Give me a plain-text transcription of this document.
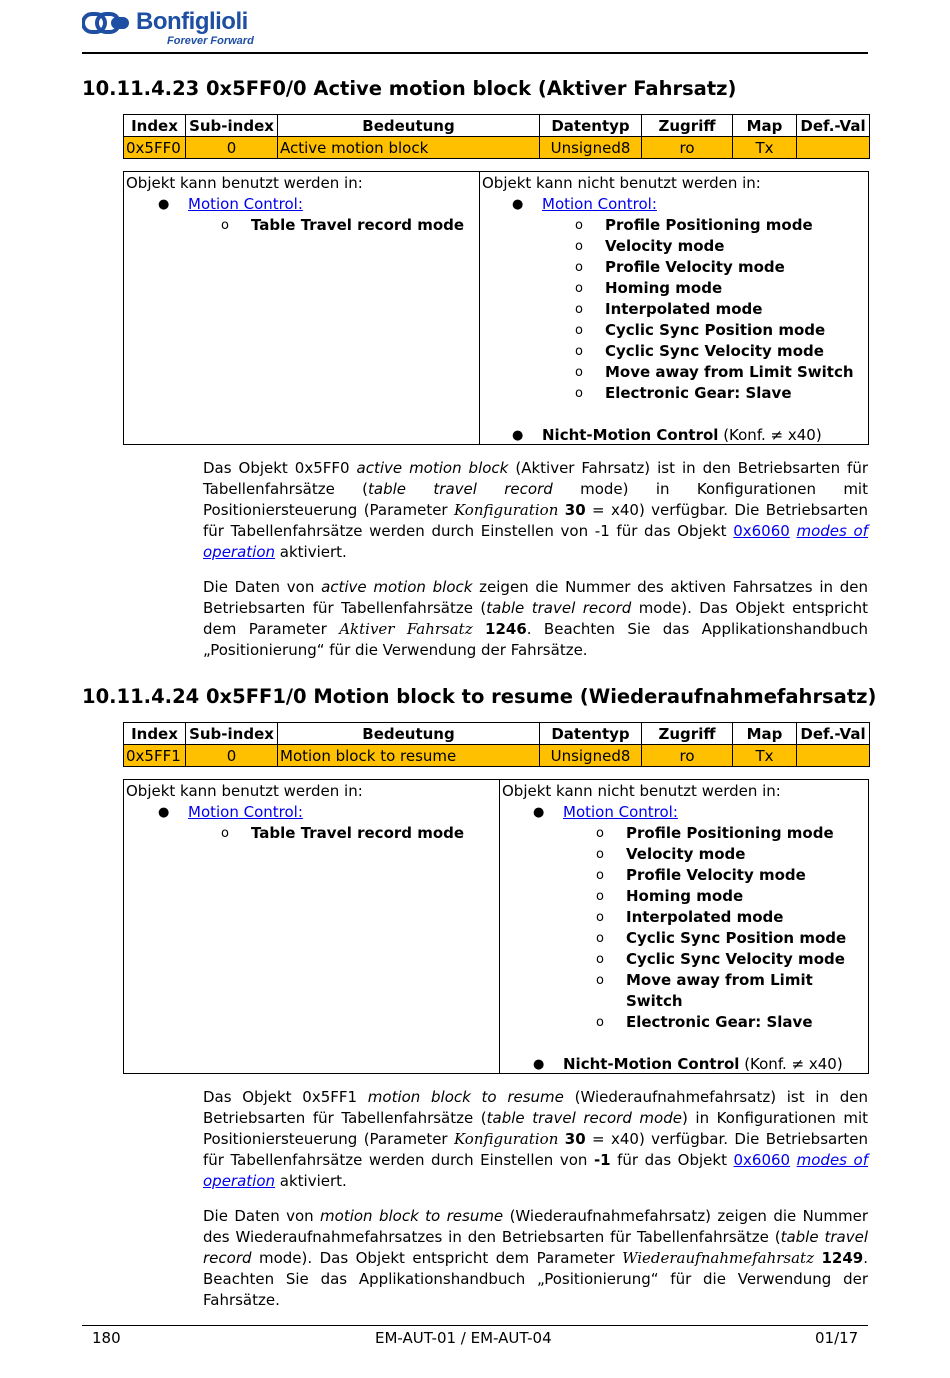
Bonfiglioli
Forever Forward
10.11.4.23 0x5FF0/0 Active motion block (Aktiver Fahrsatz)
Index	Sub-index	Bedeutung	Datentyp	Zugriff	Map	Def.-Val
0x5FF0	0	Active motion block	Unsigned8	ro	Tx	
Objekt kann benutzt werden in:
● Motion Control:
o Table Travel record mode
Objekt kann nicht benutzt werden in:
● Motion Control:
o Profile Positioning mode
o Velocity mode
o Profile Velocity mode
o Homing mode
o Interpolated mode
o Cyclic Sync Position mode
o Cyclic Sync Velocity mode
o Move away from Limit Switch
o Electronic Gear: Slave
● Nicht-Motion Control (Konf. ≠ x40)

Das Objekt 0x5FF0 active motion block (Aktiver Fahrsatz) ist in den Betriebsarten für Tabellenfahrsätze (table travel record mode) in Konfigurationen mit Positioniersteuerung (Parameter Konfiguration 30 = x40) verfügbar. Die Betriebsarten für Tabellenfahrsätze werden durch Einstellen von -1 für das Objekt 0x6060 modes of operation aktiviert.

Die Daten von active motion block zeigen die Nummer des aktiven Fahrsatzes in den Betriebsarten für Tabellenfahrsätze (table travel record mode). Das Objekt entspricht dem Parameter Aktiver Fahrsatz 1246. Beachten Sie das Applikationshandbuch „Positionierung“ für die Verwendung der Fahrsätze.

10.11.4.24 0x5FF1/0 Motion block to resume (Wiederaufnahmefahrsatz)
Index	Sub-index	Bedeutung	Datentyp	Zugriff	Map	Def.-Val
0x5FF1	0	Motion block to resume	Unsigned8	ro	Tx	
Objekt kann benutzt werden in:
● Motion Control:
o Table Travel record mode
Objekt kann nicht benutzt werden in:
● Motion Control:
o Profile Positioning mode
o Velocity mode
o Profile Velocity mode
o Homing mode
o Interpolated mode
o Cyclic Sync Position mode
o Cyclic Sync Velocity mode
o Move away from Limit
Switch
o Electronic Gear: Slave
● Nicht-Motion Control (Konf. ≠ x40)

Das Objekt 0x5FF1 motion block to resume (Wiederaufnahmefahrsatz) ist in den Betriebsarten für Tabellenfahrsätze (table travel record mode) in Konfigurationen mit Positioniersteuerung (Parameter Konfiguration 30 = x40) verfügbar. Die Betriebsarten für Tabellenfahrsätze werden durch Einstellen von -1 für das Objekt 0x6060 modes of operation aktiviert.

Die Daten von motion block to resume (Wiederaufnahmefahrsatz) zeigen die Nummer des Wiederaufnahmefahrsatzes in den Betriebsarten für Tabellenfahrsätze (table travel record mode). Das Objekt entspricht dem Parameter Wiederaufnahmefahrsatz 1249. Beachten Sie das Applikationshandbuch „Positionierung“ für die Verwendung der Fahrsätze.

180	EM-AUT-01 / EM-AUT-04	01/17
